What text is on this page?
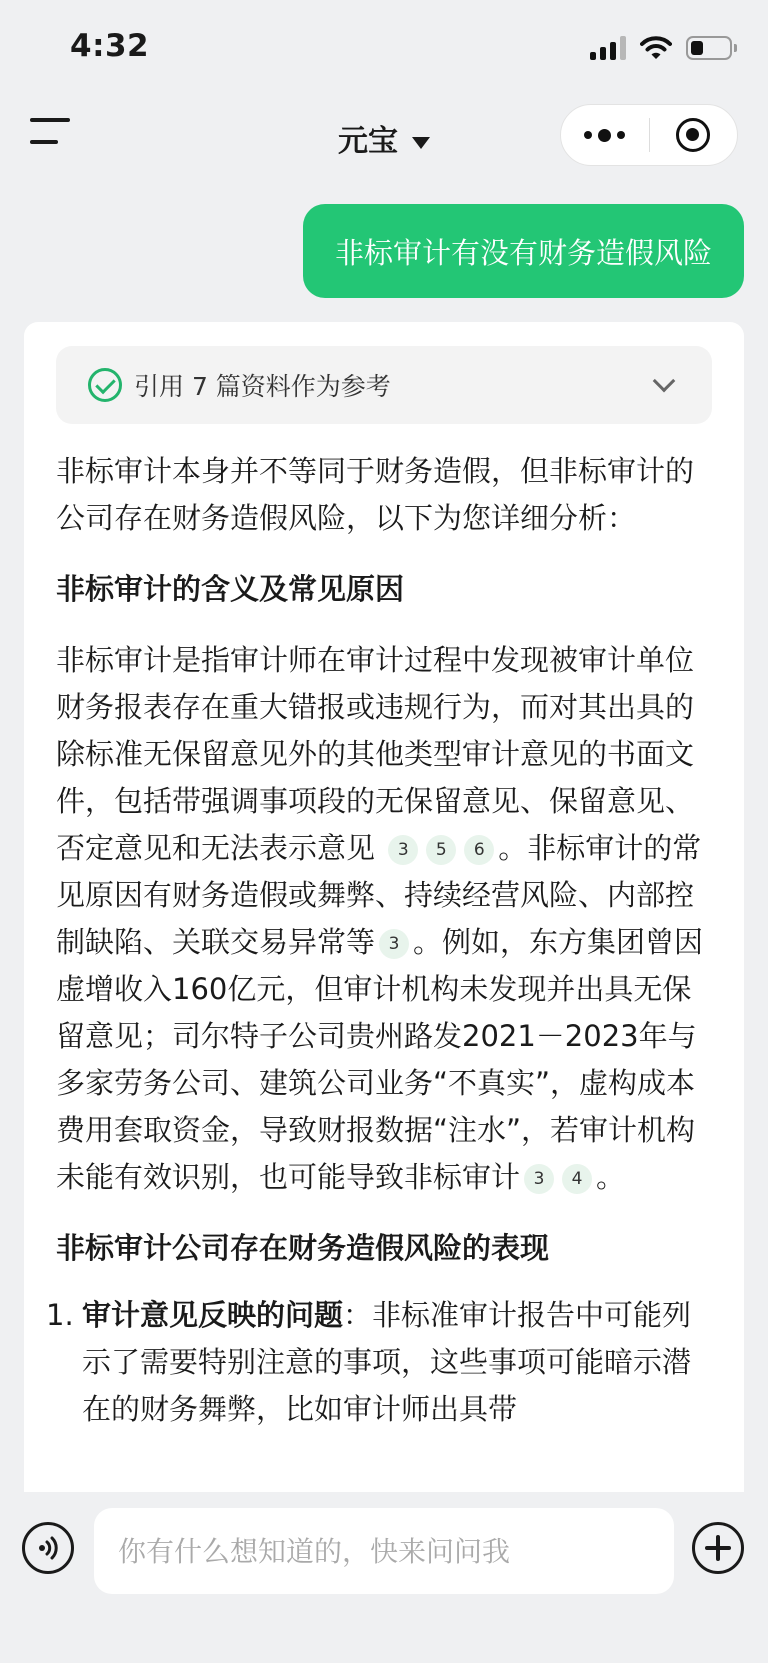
4:32
元宝
非标审计有没有财务造假风险
引用 7 篇资料作为参考
非标审计本身并不等同于财务造假，但非标审计的公司存在财务造假风险，以下为您详细分析：
非标审计的含义及常见原因
非标审计是指审计师在审计过程中发现被审计单位财务报表存在重大错报或违规行为，而对其出具的除标准无保留意见外的其他类型审计意见的书面文件，包括带强调事项段的无保留意见、保留意见、否定意见和无法表示意见 3 5 6 。非标审计的常见原因有财务造假或舞弊、持续经营风险、内部控制缺陷、关联交易异常等 3 。例如，东方集团曾因虚增收入160亿元，但审计机构未发现并出具无保留意见；司尔特子公司贵州路发2021－2023年与多家劳务公司、建筑公司业务“不真实”，虚构成本费用套取资金，导致财报数据“注水”，若审计机构未能有效识别，也可能导致非标审计 3 4 。
非标审计公司存在财务造假风险的表现
1. 审计意见反映的问题：非标准审计报告中可能列示了需要特别注意的事项，这些事项可能暗示潜在的财务舞弊，比如审计师出具带
你有什么想知道的，快来问问我
